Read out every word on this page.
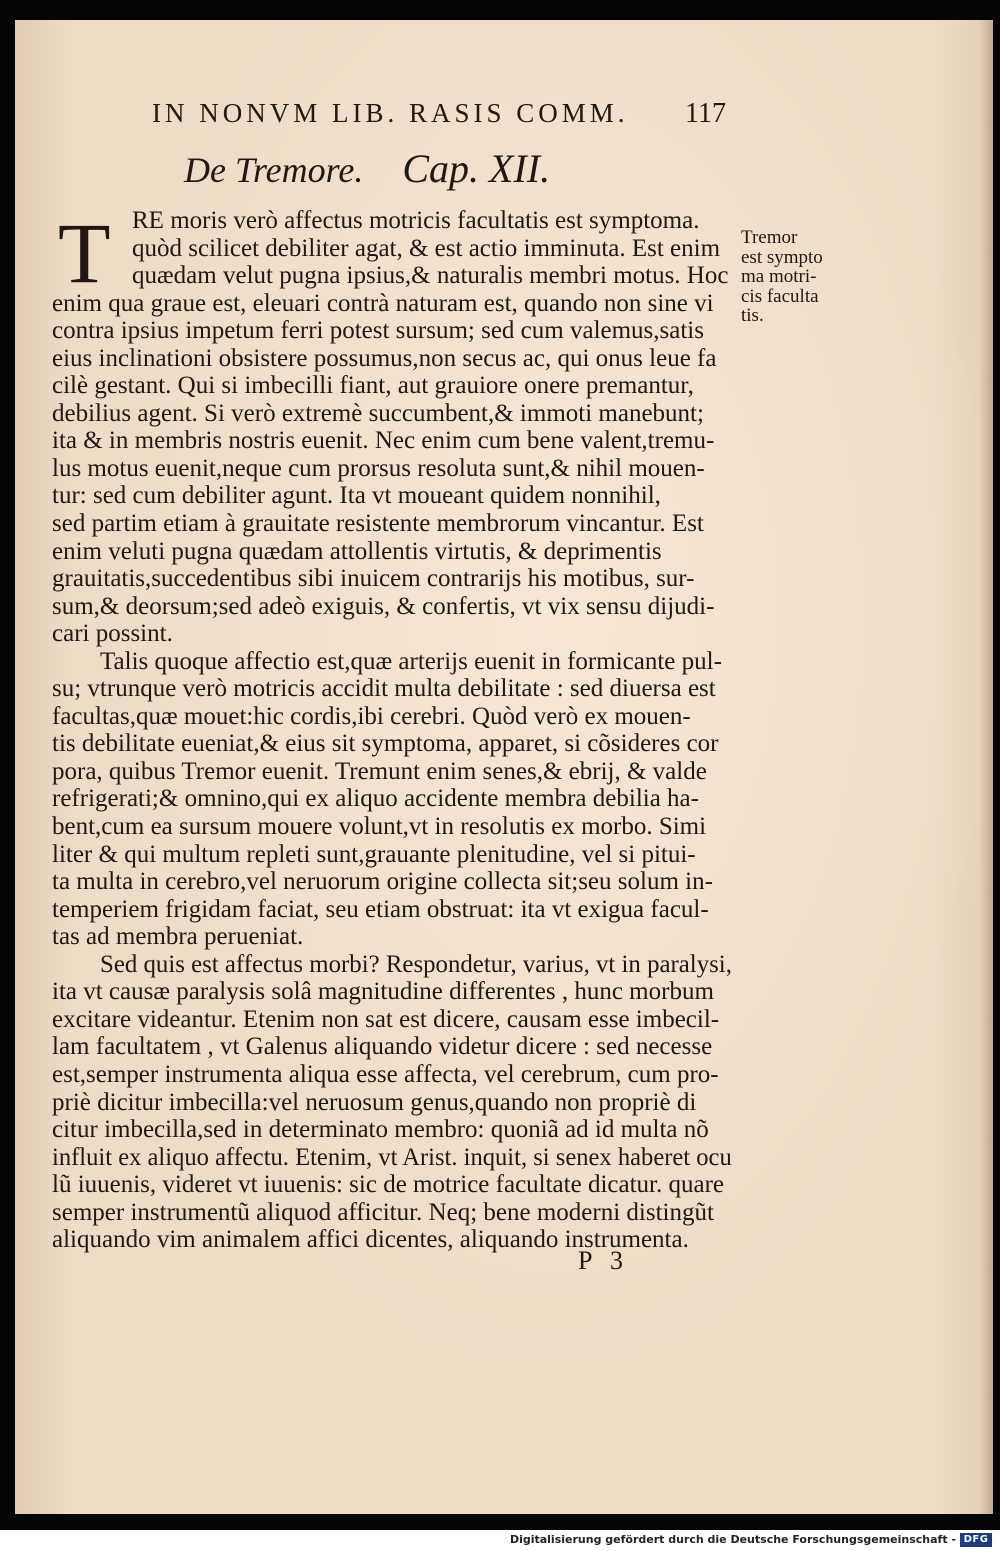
IN NONVM LIB. RASIS COMM. 117
De Tremore. Cap. XII.
T RE moris verò affectus motricis facultatis est symptoma.
quòd scilicet debiliter agat, & est actio imminuta. Est enim
quædam velut pugna ipsius,& naturalis membri motus. Hoc
enim qua graue est, eleuari contrà naturam est, quando non sine vi
contra ipsius impetum ferri potest sursum; sed cum valemus,satis
eius inclinationi obsistere possumus,non secus ac, qui onus leue fa
cilè gestant. Qui si imbecilli fiant, aut grauiore onere premantur,
debilius agent. Si verò extremè succumbent,& immoti manebunt;
ita & in membris nostris euenit. Nec enim cum bene valent,tremu-
lus motus euenit,neque cum prorsus resoluta sunt,& nihil mouen-
tur: sed cum debiliter agunt. Ita vt moueant quidem nonnihil,
sed partim etiam à grauitate resistente membrorum vincantur. Est
enim veluti pugna quædam attollentis virtutis, & deprimentis
grauitatis,succedentibus sibi inuicem contrarijs his motibus, sur-
sum,& deorsum;sed adeò exiguis, & confertis, vt vix sensu dijudi-
cari possint.
Talis quoque affectio est,quæ arterijs euenit in formicante pul-
su; vtrunque verò motricis accidit multa debilitate : sed diuersa est
facultas,quæ mouet:hic cordis,ibi cerebri. Quòd verò ex mouen-
tis debilitate eueniat,& eius sit symptoma, apparet, si cõsideres cor
pora, quibus Tremor euenit. Tremunt enim senes,& ebrij, & valde
refrigerati;& omnino,qui ex aliquo accidente membra debilia ha-
bent,cum ea sursum mouere volunt,vt in resolutis ex morbo. Simi
liter & qui multum repleti sunt,grauante plenitudine, vel si pitui-
ta multa in cerebro,vel neruorum origine collecta sit;seu solum in-
temperiem frigidam faciat, seu etiam obstruat: ita vt exigua facul-
tas ad membra perueniat.
Sed quis est affectus morbi? Respondetur, varius, vt in paralysi,
ita vt causæ paralysis solâ magnitudine differentes , hunc morbum
excitare videantur. Etenim non sat est dicere, causam esse imbecil-
lam facultatem , vt Galenus aliquando videtur dicere : sed necesse
est,semper instrumenta aliqua esse affecta, vel cerebrum, cum pro-
priè dicitur imbecilla:vel neruosum genus,quando non propriè di
citur imbecilla,sed in determinato membro: quoniã ad id multa nõ
influit ex aliquo affectu. Etenim, vt Arist. inquit, si senex haberet ocu
lũ iuuenis, videret vt iuuenis: sic de motrice facultate dicatur. quare
semper instrumentũ aliquod afficitur. Neq; bene moderni distingũt
aliquando vim animalem affici dicentes, aliquando instrumenta.
Tremor
est sympto
ma motri-
cis faculta
tis.
P 3
Digitalisierung gefördert durch die Deutsche Forschungsgemeinschaft - DFG
